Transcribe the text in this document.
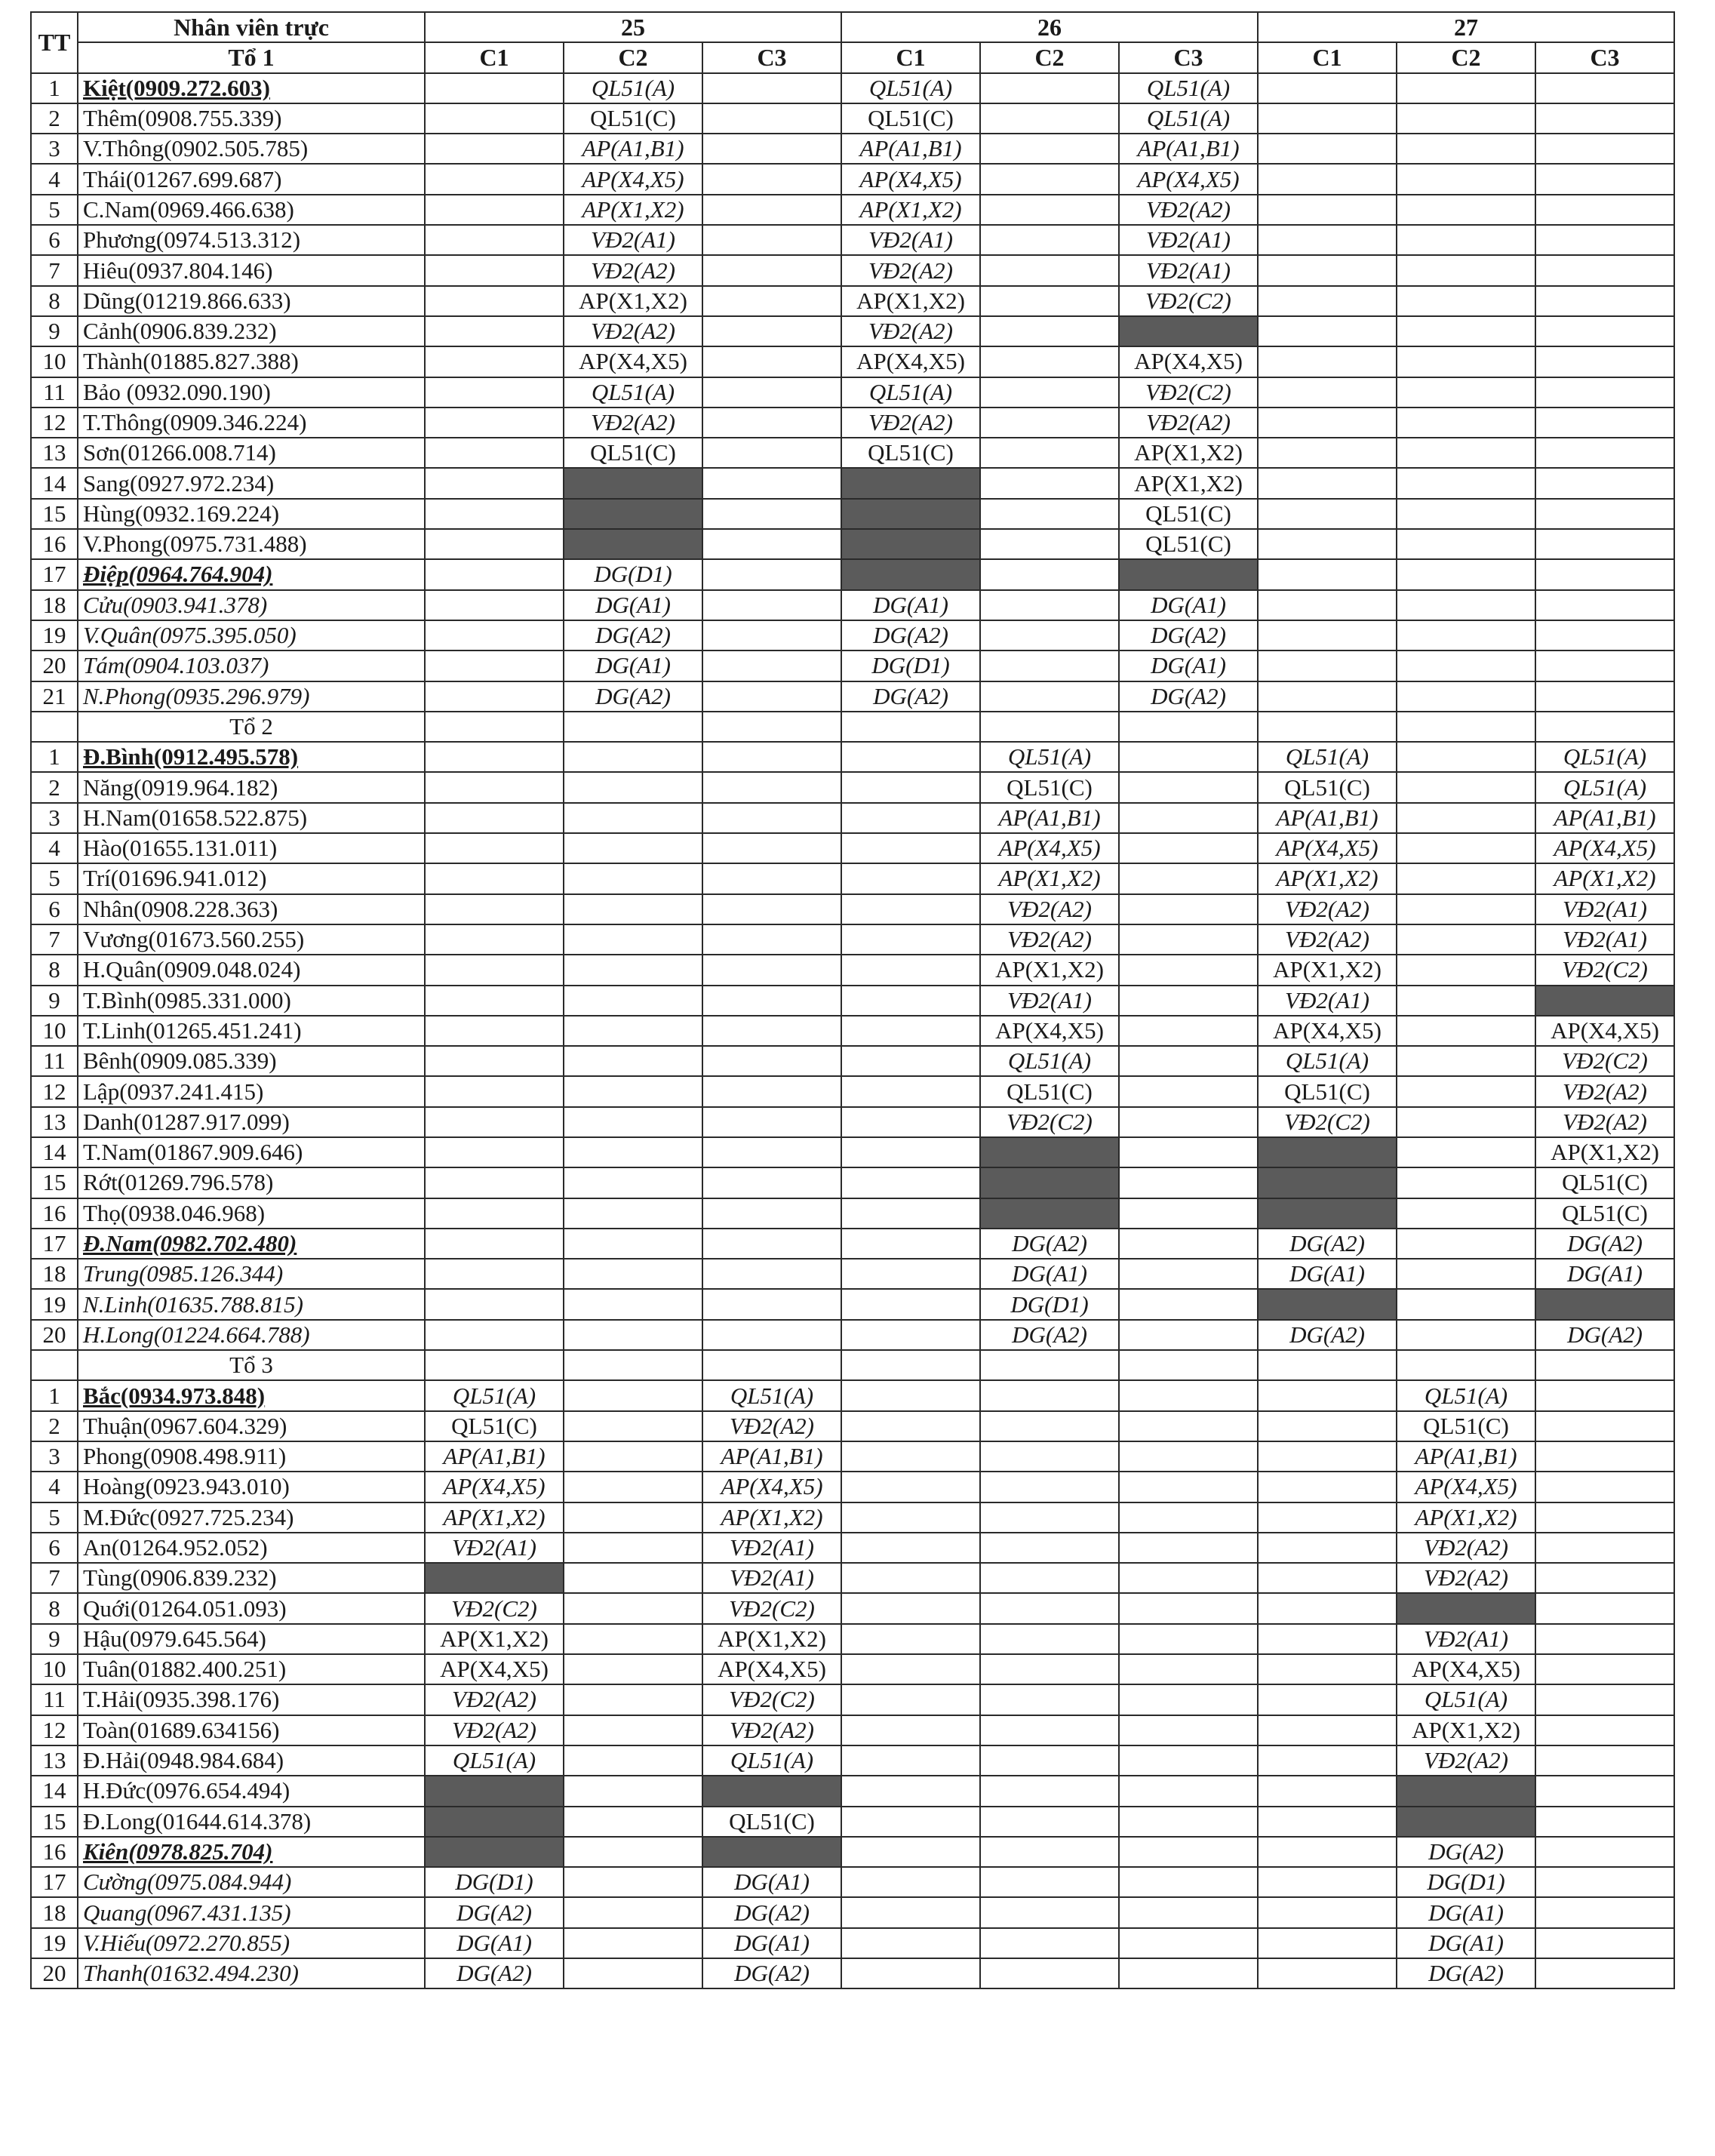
TT	Nhân viên trực	25			26			27		
	Tổ 1	C1	C2	C3	C1	C2	C3	C1	C2	C3
1	Kiệt(0909.272.603)		QL51(A)		QL51(A)		QL51(A)			
2	Thêm(0908.755.339)		QL51(C)		QL51(C)		QL51(A)			
3	V.Thông(0902.505.785)		AP(A1,B1)		AP(A1,B1)		AP(A1,B1)			
4	Thái(01267.699.687)		AP(X4,X5)		AP(X4,X5)		AP(X4,X5)			
5	C.Nam(0969.466.638)		AP(X1,X2)		AP(X1,X2)		VĐ2(A2)			
6	Phương(0974.513.312)		VĐ2(A1)		VĐ2(A1)		VĐ2(A1)			
7	Hiêu(0937.804.146)		VĐ2(A2)		VĐ2(A2)		VĐ2(A1)			
8	Dũng(01219.866.633)		AP(X1,X2)		AP(X1,X2)		VĐ2(C2)			
9	Cảnh(0906.839.232)		VĐ2(A2)		VĐ2(A2)					
10	Thành(01885.827.388)		AP(X4,X5)		AP(X4,X5)		AP(X4,X5)			
11	Bảo (0932.090.190)		QL51(A)		QL51(A)		VĐ2(C2)			
12	T.Thông(0909.346.224)		VĐ2(A2)		VĐ2(A2)		VĐ2(A2)			
13	Sơn(01266.008.714)		QL51(C)		QL51(C)		AP(X1,X2)			
14	Sang(0927.972.234)						AP(X1,X2)			
15	Hùng(0932.169.224)						QL51(C)			
16	V.Phong(0975.731.488)						QL51(C)			
17	Điệp(0964.764.904)		DG(D1)							
18	Cửu(0903.941.378)		DG(A1)		DG(A1)		DG(A1)			
19	V.Quân(0975.395.050)		DG(A2)		DG(A2)		DG(A2)			
20	Tám(0904.103.037)		DG(A1)		DG(D1)		DG(A1)			
21	N.Phong(0935.296.979)		DG(A2)		DG(A2)		DG(A2)			
	Tổ 2									
1	Đ.Bình(0912.495.578)					QL51(A)		QL51(A)		QL51(A)
2	Năng(0919.964.182)					QL51(C)		QL51(C)		QL51(A)
3	H.Nam(01658.522.875)					AP(A1,B1)		AP(A1,B1)		AP(A1,B1)
4	Hào(01655.131.011)					AP(X4,X5)		AP(X4,X5)		AP(X4,X5)
5	Trí(01696.941.012)					AP(X1,X2)		AP(X1,X2)		AP(X1,X2)
6	Nhân(0908.228.363)					VĐ2(A2)		VĐ2(A2)		VĐ2(A1)
7	Vương(01673.560.255)					VĐ2(A2)		VĐ2(A2)		VĐ2(A1)
8	H.Quân(0909.048.024)					AP(X1,X2)		AP(X1,X2)		VĐ2(C2)
9	T.Bình(0985.331.000)					VĐ2(A1)		VĐ2(A1)		
10	T.Linh(01265.451.241)					AP(X4,X5)		AP(X4,X5)		AP(X4,X5)
11	Bênh(0909.085.339)					QL51(A)		QL51(A)		VĐ2(C2)
12	Lập(0937.241.415)					QL51(C)		QL51(C)		VĐ2(A2)
13	Danh(01287.917.099)					VĐ2(C2)		VĐ2(C2)		VĐ2(A2)
14	T.Nam(01867.909.646)									AP(X1,X2)
15	Rớt(01269.796.578)									QL51(C)
16	Thọ(0938.046.968)									QL51(C)
17	Đ.Nam(0982.702.480)					DG(A2)		DG(A2)		DG(A2)
18	Trung(0985.126.344)					DG(A1)		DG(A1)		DG(A1)
19	N.Linh(01635.788.815)					DG(D1)				
20	H.Long(01224.664.788)					DG(A2)		DG(A2)		DG(A2)
	Tổ 3									
1	Bắc(0934.973.848)	QL51(A)		QL51(A)					QL51(A)	
2	Thuận(0967.604.329)	QL51(C)		VĐ2(A2)					QL51(C)	
3	Phong(0908.498.911)	AP(A1,B1)		AP(A1,B1)					AP(A1,B1)	
4	Hoàng(0923.943.010)	AP(X4,X5)		AP(X4,X5)					AP(X4,X5)	
5	M.Đức(0927.725.234)	AP(X1,X2)		AP(X1,X2)					AP(X1,X2)	
6	An(01264.952.052)	VĐ2(A1)		VĐ2(A1)					VĐ2(A2)	
7	Tùng(0906.839.232)			VĐ2(A1)					VĐ2(A2)	
8	Quới(01264.051.093)	VĐ2(C2)		VĐ2(C2)						
9	Hậu(0979.645.564)	AP(X1,X2)		AP(X1,X2)					VĐ2(A1)	
10	Tuân(01882.400.251)	AP(X4,X5)		AP(X4,X5)					AP(X4,X5)	
11	T.Hải(0935.398.176)	VĐ2(A2)		VĐ2(C2)					QL51(A)	
12	Toàn(01689.634156)	VĐ2(A2)		VĐ2(A2)					AP(X1,X2)	
13	Đ.Hải(0948.984.684)	QL51(A)		QL51(A)					VĐ2(A2)	
14	H.Đức(0976.654.494)									
15	Đ.Long(01644.614.378)			QL51(C)						
16	Kiên(0978.825.704)								DG(A2)	
17	Cường(0975.084.944)	DG(D1)		DG(A1)					DG(D1)	
18	Quang(0967.431.135)	DG(A2)		DG(A2)					DG(A1)	
19	V.Hiếu(0972.270.855)	DG(A1)		DG(A1)					DG(A1)	
20	Thanh(01632.494.230)	DG(A2)		DG(A2)					DG(A2)	
